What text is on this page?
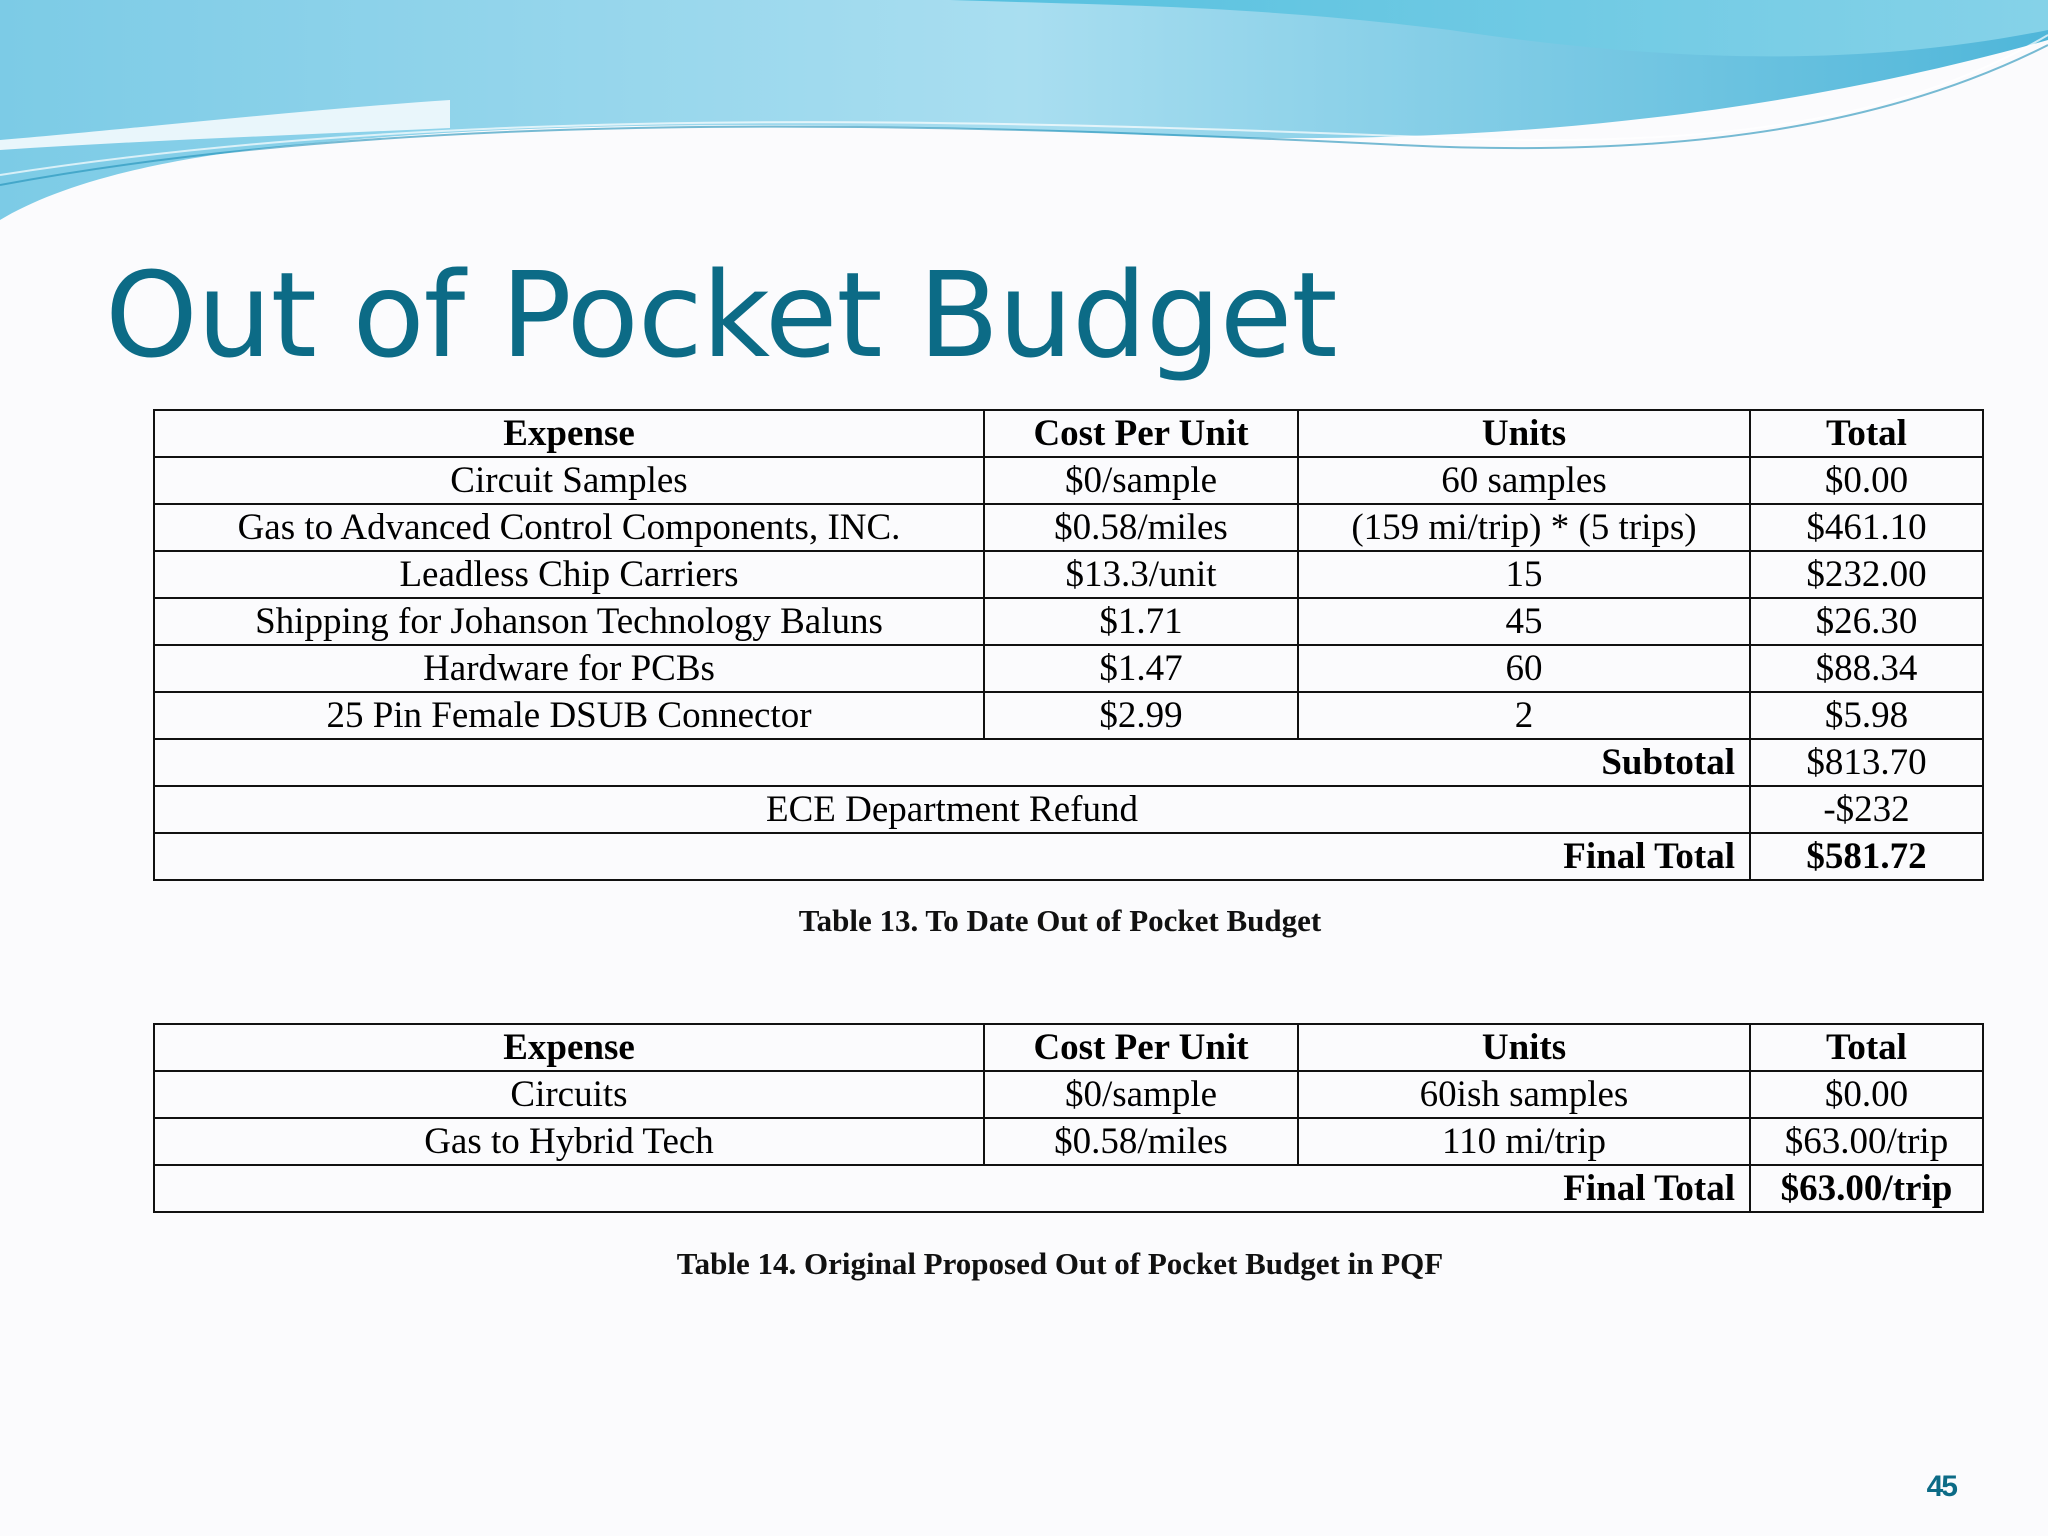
Out of Pocket Budget
Expense	Cost Per Unit	Units	Total
Circuit Samples	$0/sample	60 samples	$0.00
Gas to Advanced Control Components, INC.	$0.58/miles	(159 mi/trip) * (5 trips)	$461.10
Leadless Chip Carriers	$13.3/unit	15	$232.00
Shipping for Johanson Technology Baluns	$1.71	45	$26.30
Hardware for PCBs	$1.47	60	$88.34
25 Pin Female DSUB Connector	$2.99	2	$5.98
Subtotal			$813.70
ECE Department Refund			-$232
Final Total			$581.72

Table 13. To Date Out of Pocket Budget

Expense	Cost Per Unit	Units	Total
Circuits	$0/sample	60ish samples	$0.00
Gas to Hybrid Tech	$0.58/miles	110 mi/trip	$63.00/trip
Final Total			$63.00/trip

Table 14. Original Proposed Out of Pocket Budget in PQF

45
